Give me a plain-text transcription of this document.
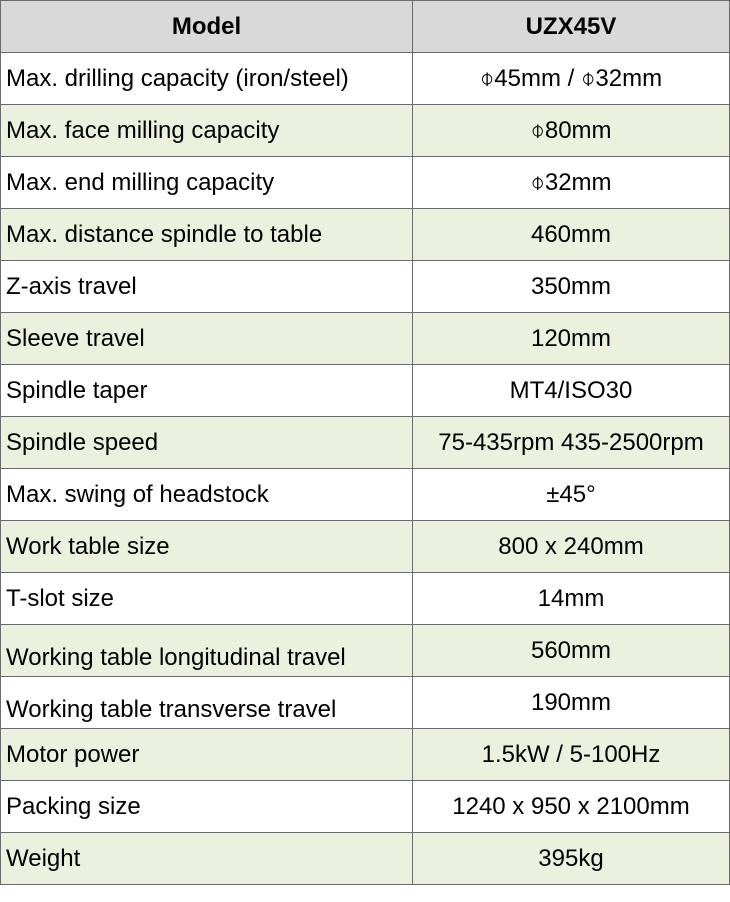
Model	UZX45V
Max. drilling capacity (iron/steel)	⌽45mm / ⌽32mm
Max. face milling capacity	⌽80mm
Max. end milling capacity	⌽32mm
Max. distance spindle to table	460mm
Z-axis travel	350mm
Sleeve travel	120mm
Spindle taper	MT4/ISO30
Spindle speed	75-435rpm 435-2500rpm
Max. swing of headstock	±45°
Work table size	800 x 240mm
T-slot size	14mm
Working table longitudinal travel	560mm
Working table transverse travel	190mm
Motor power	1.5kW / 5-100Hz
Packing size	1240 x 950 x 2100mm
Weight	395kg
